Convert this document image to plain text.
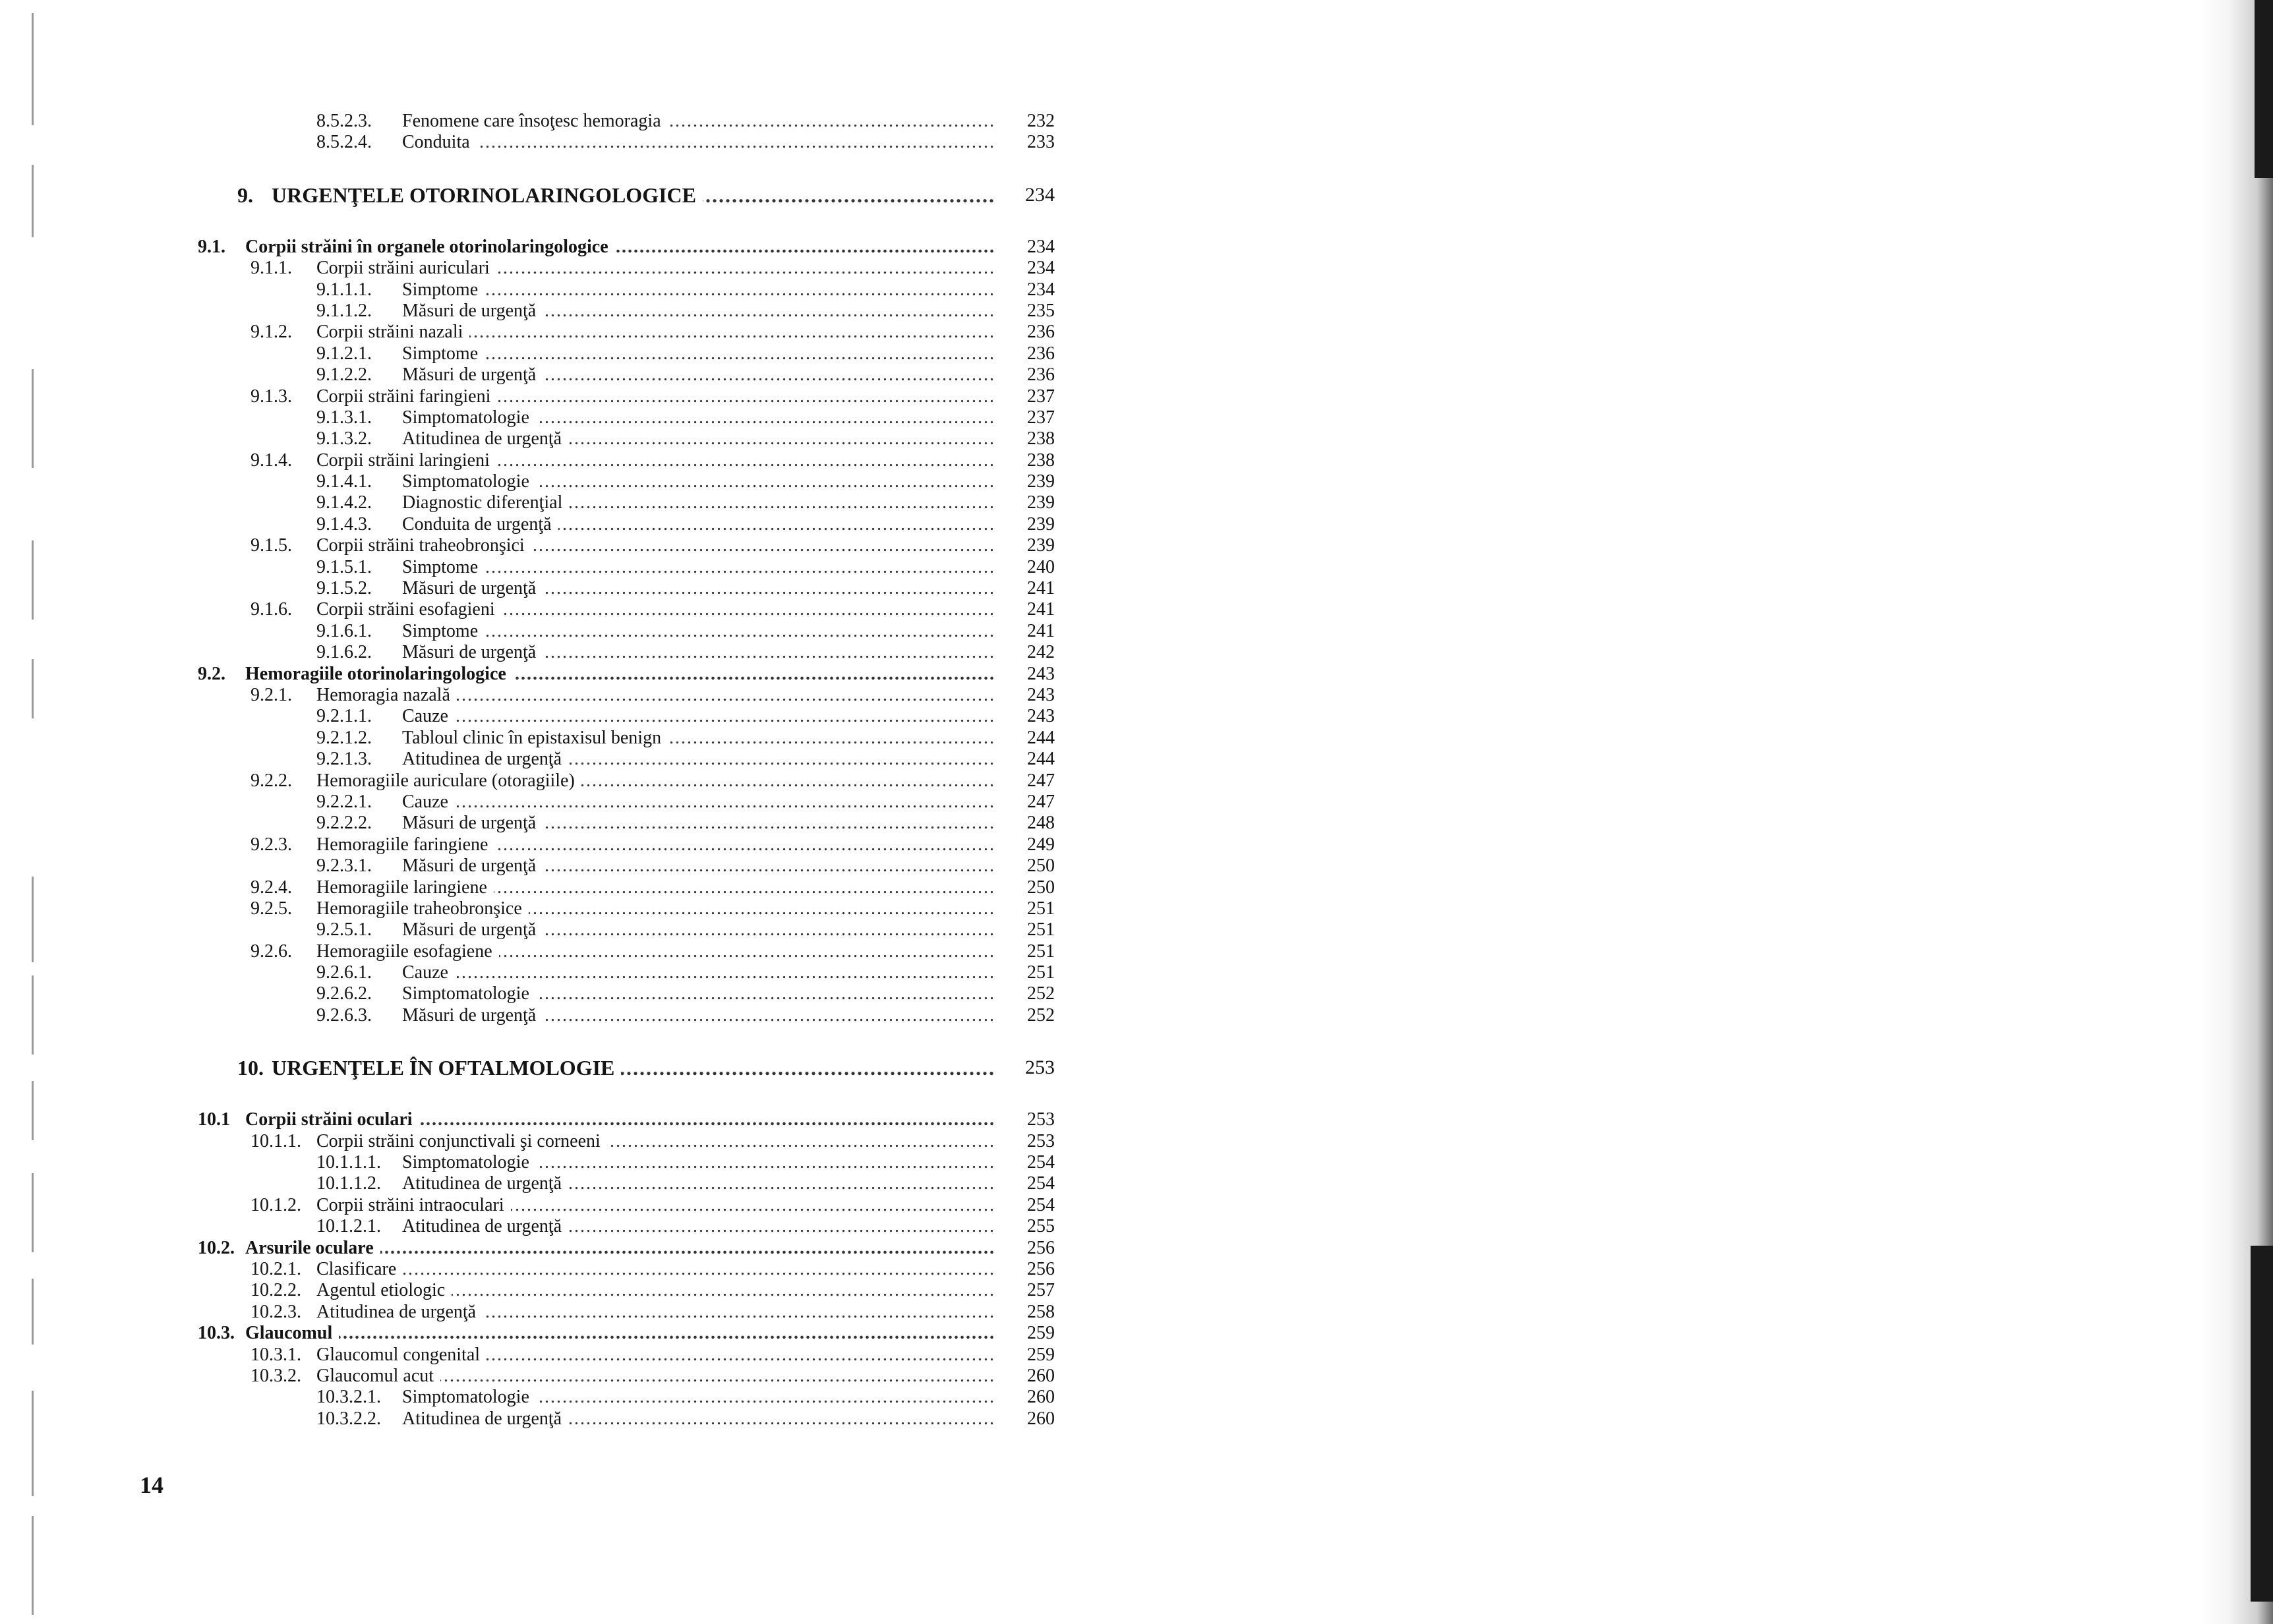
8.5.2.3. Fenomene care însoţesc hemoragia .....	232
8.5.2.4. Conduita .....	233
9. URGENŢELE OTORINOLARINGOLOGICE .....	234
9.1. Corpii străini în organele otorinolaringologice .....	234
9.1.1. Corpii străini auriculari .....	234
9.1.1.1. Simptome .....	234
9.1.1.2. Măsuri de urgenţă .....	235
9.1.2. Corpii străini nazali .....	236
9.1.2.1. Simptome .....	236
9.1.2.2. Măsuri de urgenţă .....	236
9.1.3. Corpii străini faringieni .....	237
9.1.3.1. Simptomatologie .....	237
9.1.3.2. Atitudinea de urgenţă .....	238
9.1.4. Corpii străini laringieni .....	238
9.1.4.1. Simptomatologie .....	239
9.1.4.2. Diagnostic diferenţial .....	239
9.1.4.3. Conduita de urgenţă .....	239
9.1.5. Corpii străini traheobronşici .....	239
9.1.5.1. Simptome .....	240
9.1.5.2. Măsuri de urgenţă .....	241
9.1.6. Corpii străini esofagieni .....	241
9.1.6.1. Simptome .....	241
9.1.6.2. Măsuri de urgenţă .....	242
9.2. Hemoragiile otorinolaringologice .....	243
9.2.1. Hemoragia nazală .....	243
9.2.1.1. Cauze .....	243
9.2.1.2. Tabloul clinic în epistaxisul benign .....	244
9.2.1.3. Atitudinea de urgenţă .....	244
9.2.2. Hemoragiile auriculare (otoragiile) .....	247
9.2.2.1. Cauze .....	247
9.2.2.2. Măsuri de urgenţă .....	248
9.2.3. Hemoragiile faringiene .....	249
9.2.3.1. Măsuri de urgenţă .....	250
9.2.4. Hemoragiile laringiene .....	250
9.2.5. Hemoragiile traheobronşice .....	251
9.2.5.1. Măsuri de urgenţă .....	251
9.2.6. Hemoragiile esofagiene .....	251
9.2.6.1. Cauze .....	251
9.2.6.2. Simptomatologie .....	252
9.2.6.3. Măsuri de urgenţă .....	252
10. URGENŢELE ÎN OFTALMOLOGIE .....	253
10.1 Corpii străini oculari .....	253
10.1.1. Corpii străini conjunctivali şi corneeni .....	253
10.1.1.1. Simptomatologie .....	254
10.1.1.2. Atitudinea de urgenţă .....	254
10.1.2. Corpii străini intraoculari .....	254
10.1.2.1. Atitudinea de urgenţă .....	255
10.2. Arsurile oculare .....	256
10.2.1. Clasificare .....	256
10.2.2. Agentul etiologic .....	257
10.2.3. Atitudinea de urgenţă .....	258
10.3. Glaucomul .....	259
10.3.1. Glaucomul congenital .....	259
10.3.2. Glaucomul acut .....	260
10.3.2.1. Simptomatologie .....	260
10.3.2.2. Atitudinea de urgenţă .....	260
14
